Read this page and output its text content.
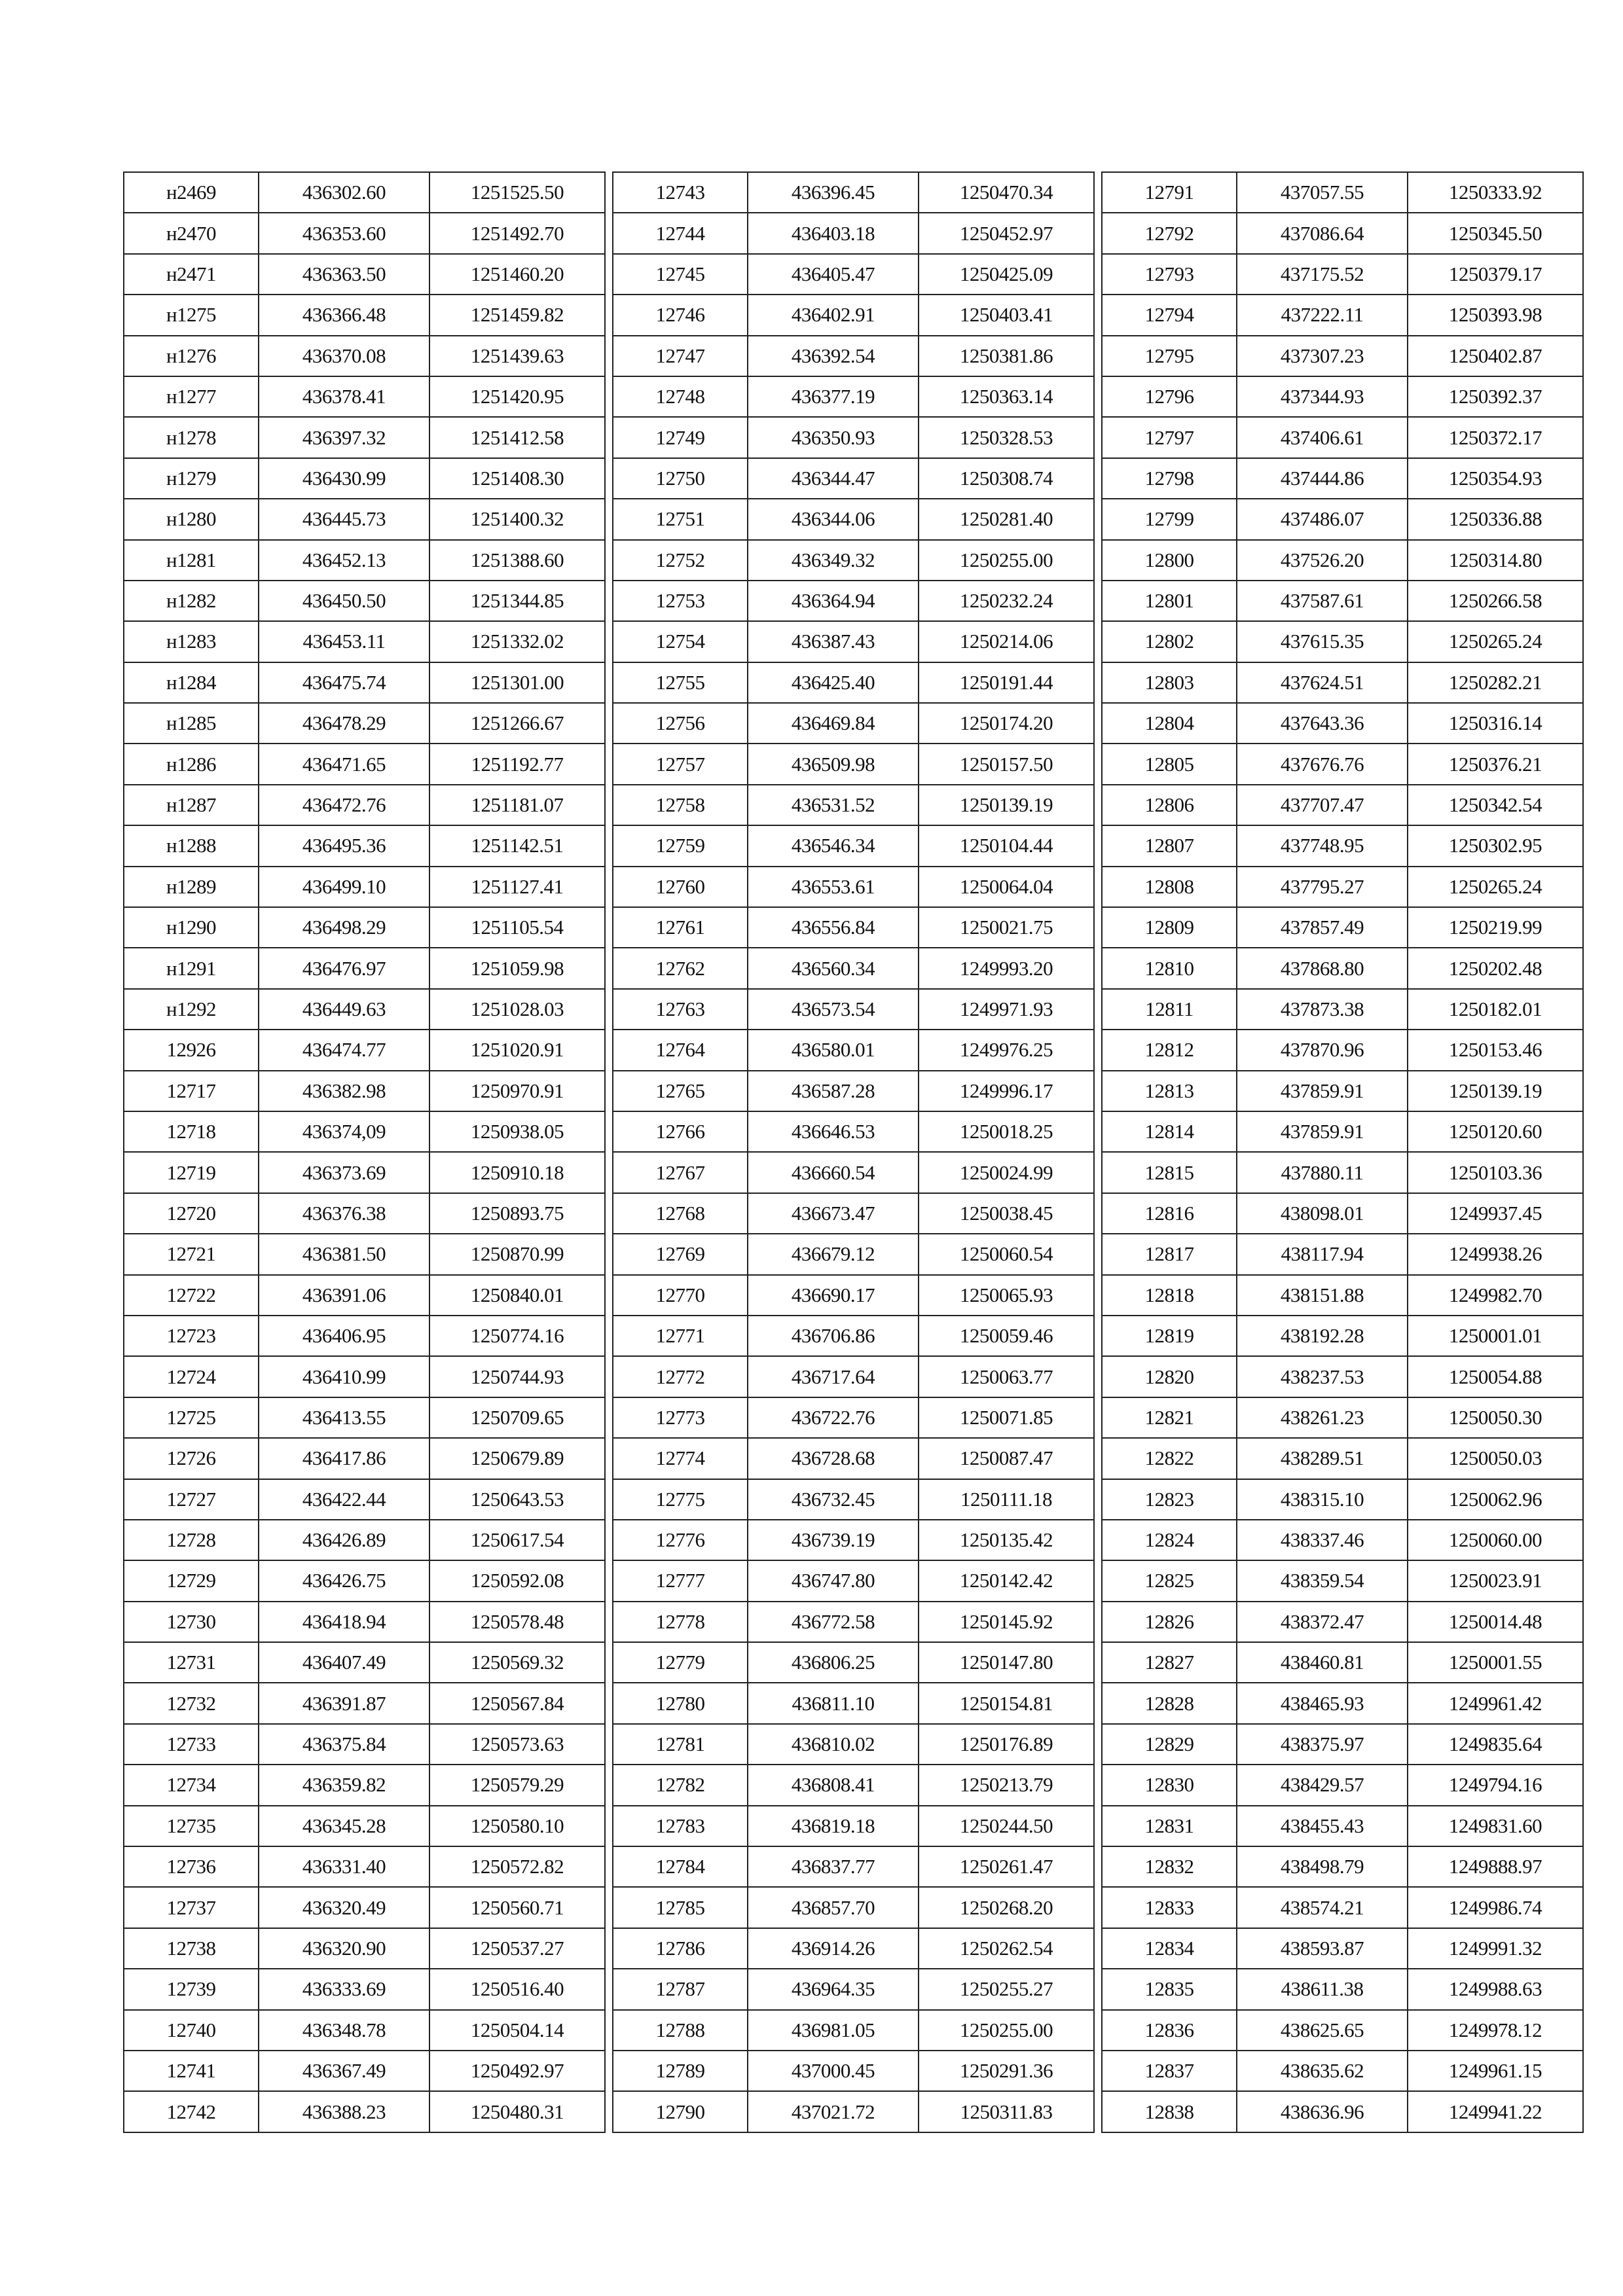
н2469	436302.60	1251525.50
н2470	436353.60	1251492.70
н2471	436363.50	1251460.20
н1275	436366.48	1251459.82
н1276	436370.08	1251439.63
н1277	436378.41	1251420.95
н1278	436397.32	1251412.58
н1279	436430.99	1251408.30
н1280	436445.73	1251400.32
н1281	436452.13	1251388.60
н1282	436450.50	1251344.85
н1283	436453.11	1251332.02
н1284	436475.74	1251301.00
н1285	436478.29	1251266.67
н1286	436471.65	1251192.77
н1287	436472.76	1251181.07
н1288	436495.36	1251142.51
н1289	436499.10	1251127.41
н1290	436498.29	1251105.54
н1291	436476.97	1251059.98
н1292	436449.63	1251028.03
12926	436474.77	1251020.91
12717	436382.98	1250970.91
12718	436374,09	1250938.05
12719	436373.69	1250910.18
12720	436376.38	1250893.75
12721	436381.50	1250870.99
12722	436391.06	1250840.01
12723	436406.95	1250774.16
12724	436410.99	1250744.93
12725	436413.55	1250709.65
12726	436417.86	1250679.89
12727	436422.44	1250643.53
12728	436426.89	1250617.54
12729	436426.75	1250592.08
12730	436418.94	1250578.48
12731	436407.49	1250569.32
12732	436391.87	1250567.84
12733	436375.84	1250573.63
12734	436359.82	1250579.29
12735	436345.28	1250580.10
12736	436331.40	1250572.82
12737	436320.49	1250560.71
12738	436320.90	1250537.27
12739	436333.69	1250516.40
12740	436348.78	1250504.14
12741	436367.49	1250492.97
12742	436388.23	1250480.31
12743	436396.45	1250470.34
12744	436403.18	1250452.97
12745	436405.47	1250425.09
12746	436402.91	1250403.41
12747	436392.54	1250381.86
12748	436377.19	1250363.14
12749	436350.93	1250328.53
12750	436344.47	1250308.74
12751	436344.06	1250281.40
12752	436349.32	1250255.00
12753	436364.94	1250232.24
12754	436387.43	1250214.06
12755	436425.40	1250191.44
12756	436469.84	1250174.20
12757	436509.98	1250157.50
12758	436531.52	1250139.19
12759	436546.34	1250104.44
12760	436553.61	1250064.04
12761	436556.84	1250021.75
12762	436560.34	1249993.20
12763	436573.54	1249971.93
12764	436580.01	1249976.25
12765	436587.28	1249996.17
12766	436646.53	1250018.25
12767	436660.54	1250024.99
12768	436673.47	1250038.45
12769	436679.12	1250060.54
12770	436690.17	1250065.93
12771	436706.86	1250059.46
12772	436717.64	1250063.77
12773	436722.76	1250071.85
12774	436728.68	1250087.47
12775	436732.45	1250111.18
12776	436739.19	1250135.42
12777	436747.80	1250142.42
12778	436772.58	1250145.92
12779	436806.25	1250147.80
12780	436811.10	1250154.81
12781	436810.02	1250176.89
12782	436808.41	1250213.79
12783	436819.18	1250244.50
12784	436837.77	1250261.47
12785	436857.70	1250268.20
12786	436914.26	1250262.54
12787	436964.35	1250255.27
12788	436981.05	1250255.00
12789	437000.45	1250291.36
12790	437021.72	1250311.83
12791	437057.55	1250333.92
12792	437086.64	1250345.50
12793	437175.52	1250379.17
12794	437222.11	1250393.98
12795	437307.23	1250402.87
12796	437344.93	1250392.37
12797	437406.61	1250372.17
12798	437444.86	1250354.93
12799	437486.07	1250336.88
12800	437526.20	1250314.80
12801	437587.61	1250266.58
12802	437615.35	1250265.24
12803	437624.51	1250282.21
12804	437643.36	1250316.14
12805	437676.76	1250376.21
12806	437707.47	1250342.54
12807	437748.95	1250302.95
12808	437795.27	1250265.24
12809	437857.49	1250219.99
12810	437868.80	1250202.48
12811	437873.38	1250182.01
12812	437870.96	1250153.46
12813	437859.91	1250139.19
12814	437859.91	1250120.60
12815	437880.11	1250103.36
12816	438098.01	1249937.45
12817	438117.94	1249938.26
12818	438151.88	1249982.70
12819	438192.28	1250001.01
12820	438237.53	1250054.88
12821	438261.23	1250050.30
12822	438289.51	1250050.03
12823	438315.10	1250062.96
12824	438337.46	1250060.00
12825	438359.54	1250023.91
12826	438372.47	1250014.48
12827	438460.81	1250001.55
12828	438465.93	1249961.42
12829	438375.97	1249835.64
12830	438429.57	1249794.16
12831	438455.43	1249831.60
12832	438498.79	1249888.97
12833	438574.21	1249986.74
12834	438593.87	1249991.32
12835	438611.38	1249988.63
12836	438625.65	1249978.12
12837	438635.62	1249961.15
12838	438636.96	1249941.22
